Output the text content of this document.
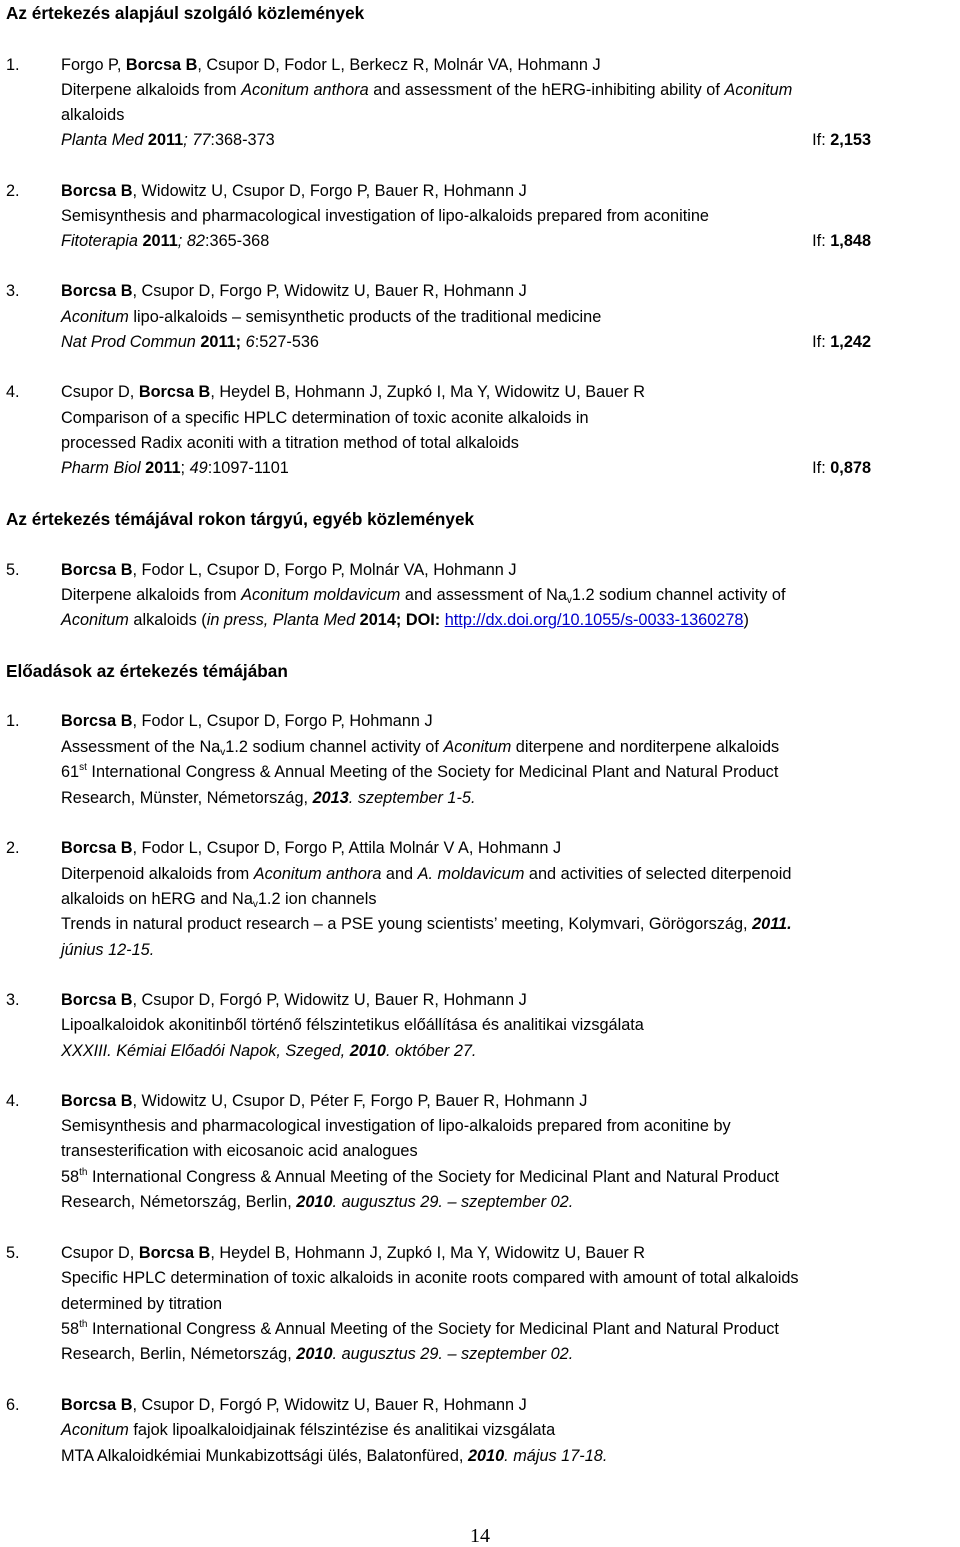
Az értekezés alapjául szolgáló közlemények
1.	Forgo P, Borcsa B, Csupor D, Fodor L, Berkecz R, Molnár VA, Hohmann J
Diterpene alkaloids from Aconitum anthora and assessment of the hERG-inhibiting ability of Aconitum
alkaloids
Planta Med 2011; 77:368-373	If: 2,153
2.	Borcsa B, Widowitz U, Csupor D, Forgo P, Bauer R, Hohmann J
Semisynthesis and pharmacological investigation of lipo-alkaloids prepared from aconitine
Fitoterapia 2011; 82:365-368	If: 1,848
3.	Borcsa B, Csupor D, Forgo P, Widowitz U, Bauer R, Hohmann J
Aconitum lipo-alkaloids – semisynthetic products of the traditional medicine
Nat Prod Commun 2011; 6:527-536	If: 1,242
4.	Csupor D, Borcsa B, Heydel B, Hohmann J, Zupkó I, Ma Y, Widowitz U, Bauer R
Comparison of a specific HPLC determination of toxic aconite alkaloids in
processed Radix aconiti with a titration method of total alkaloids
Pharm Biol 2011; 49:1097-1101	If: 0,878
Az értekezés témájával rokon tárgyú, egyéb közlemények
5.	Borcsa B, Fodor L, Csupor D, Forgo P, Molnár VA, Hohmann J
Diterpene alkaloids from Aconitum moldavicum and assessment of $Na_v1.2$ sodium channel activity of
Aconitum alkaloids (in press, Planta Med 2014; DOI: http://dx.doi.org/10.1055/s-0033-1360278)
Előadások az értekezés témájában
1.	Borcsa B, Fodor L, Csupor D, Forgo P, Hohmann J
Assessment of the $Na_v1.2$ sodium channel activity of Aconitum diterpene and norditerpene alkaloids
61st International Congress & Annual Meeting of the Society for Medicinal Plant and Natural Product
Research, Münster, Németország, 2013. szeptember 1-5.
2.	Borcsa B, Fodor L, Csupor D, Forgo P, Attila Molnár V A, Hohmann J
Diterpenoid alkaloids from Aconitum anthora and A. moldavicum and activities of selected diterpenoid
alkaloids on hERG and $Na_v1.2$ ion channels
Trends in natural product research – a PSE young scientists’ meeting, Kolymvari, Görögország, 2011.
június 12-15.
3.	Borcsa B, Csupor D, Forgó P, Widowitz U, Bauer R, Hohmann J
Lipoalkaloidok akonitinből történő félszintetikus előállítása és analitikai vizsgálata
XXXIII. Kémiai Előadói Napok, Szeged, 2010. október 27.
4.	Borcsa B, Widowitz U, Csupor D, Péter F, Forgo P, Bauer R, Hohmann J
Semisynthesis and pharmacological investigation of lipo-alkaloids prepared from aconitine by
transesterification with eicosanoic acid analogues
58th International Congress & Annual Meeting of the Society for Medicinal Plant and Natural Product
Research, Németország, Berlin, 2010. augusztus 29. – szeptember 02.
5.	Csupor D, Borcsa B, Heydel B, Hohmann J, Zupkó I, Ma Y, Widowitz U, Bauer R
Specific HPLC determination of toxic alkaloids in aconite roots compared with amount of total alkaloids
determined by titration
58th International Congress & Annual Meeting of the Society for Medicinal Plant and Natural Product
Research, Berlin, Németország, 2010. augusztus 29. – szeptember 02.
6.	Borcsa B, Csupor D, Forgó P, Widowitz U, Bauer R, Hohmann J
Aconitum fajok lipoalkaloidjainak félszintézise és analitikai vizsgálata
MTA Alkaloidkémiai Munkabizottsági ülés, Balatonfüred, 2010. május 17-18.
14
